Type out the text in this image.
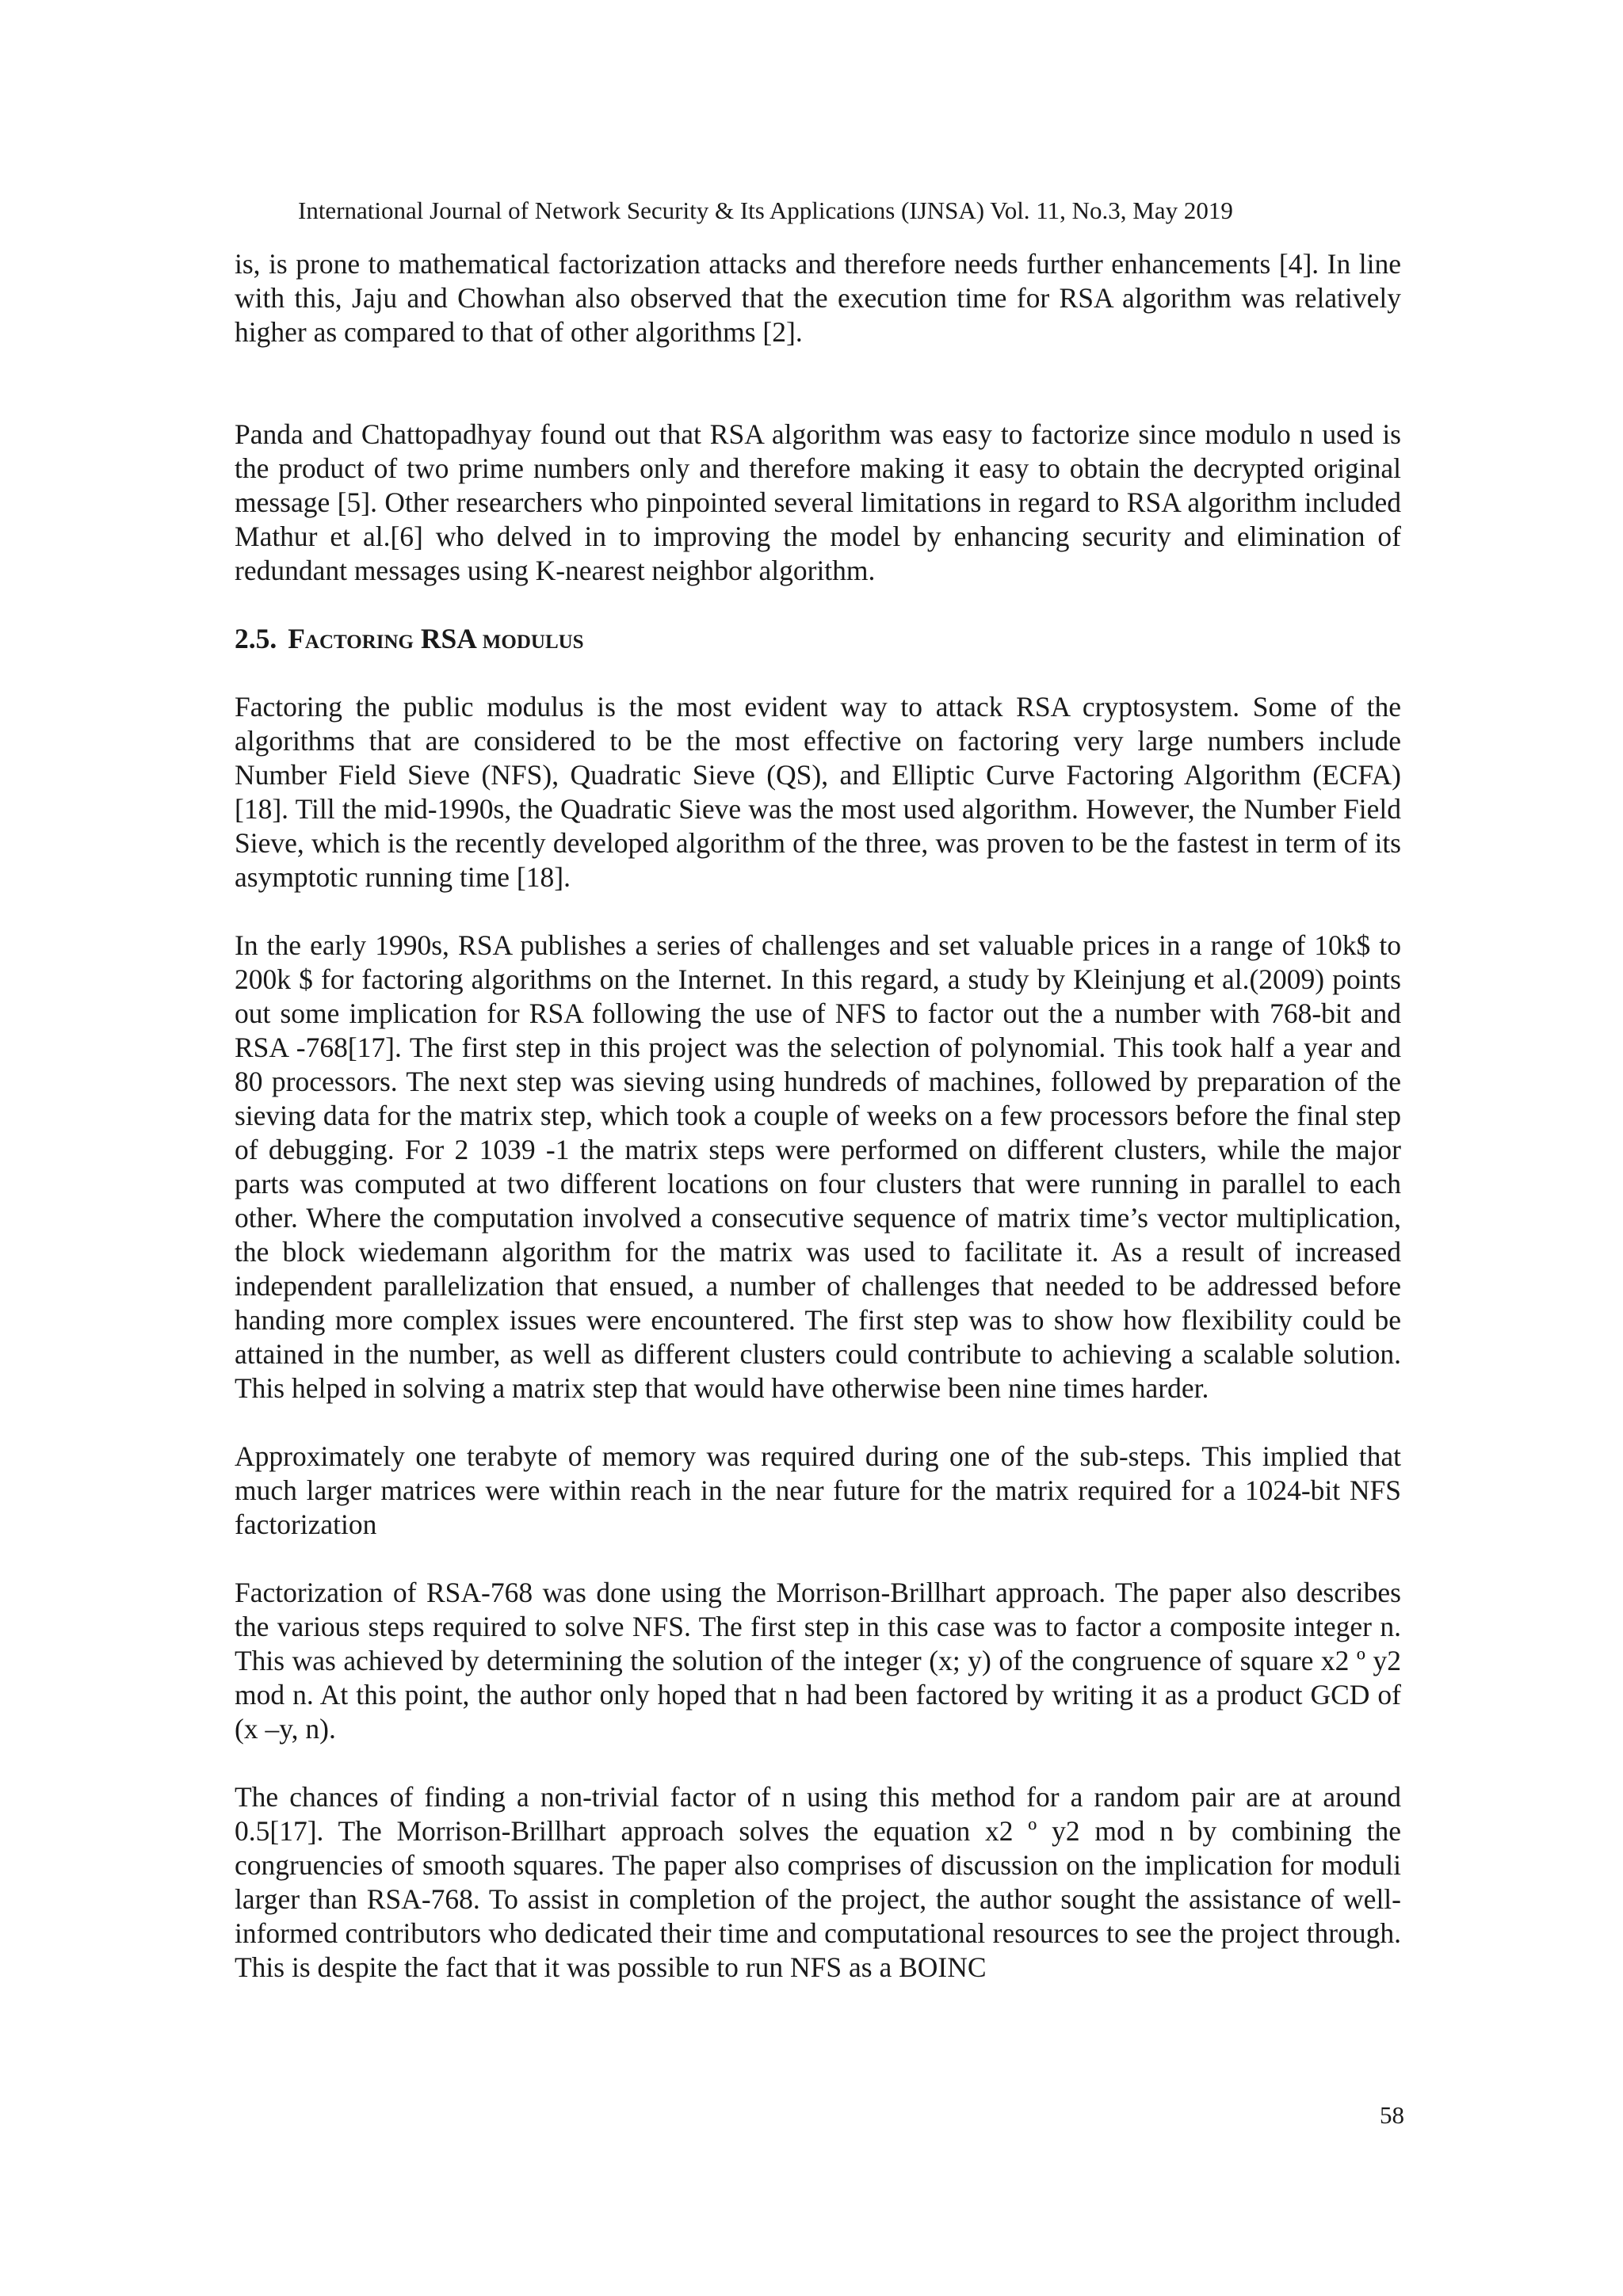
International Journal of Network Security & Its Applications (IJNSA) Vol. 11, No.3, May 2019

is, is prone to mathematical factorization attacks and therefore needs further enhancements [4]. In line with this, Jaju and Chowhan also observed that the execution time for RSA algorithm was relatively higher as compared to that of other algorithms [2].

Panda and Chattopadhyay found out that RSA algorithm was easy to factorize since modulo n used is the product of two prime numbers only and therefore making it easy to obtain the decrypted original message [5]. Other researchers who pinpointed several limitations in regard to RSA algorithm included Mathur et al.[6] who delved in to improving the model by enhancing security and elimination of redundant messages using K-nearest neighbor algorithm.

2.5. Factoring RSA modulus

Factoring the public modulus is the most evident way to attack RSA cryptosystem. Some of the algorithms that are considered to be the most effective on factoring very large numbers include Number Field Sieve (NFS), Quadratic Sieve (QS), and Elliptic Curve Factoring Algorithm (ECFA) [18]. Till the mid-1990s, the Quadratic Sieve was the most used algorithm. However, the Number Field Sieve, which is the recently developed algorithm of the three, was proven to be the fastest in term of its asymptotic running time [18].

In the early 1990s, RSA publishes a series of challenges and set valuable prices in a range of 10k$ to 200k $ for factoring algorithms on the Internet. In this regard, a study by Kleinjung et al.(2009) points out some implication for RSA following the use of NFS to factor out the a number with 768-bit and RSA -768[17]. The first step in this project was the selection of polynomial. This took half a year and 80 processors. The next step was sieving using hundreds of machines, followed by preparation of the sieving data for the matrix step, which took a couple of weeks on a few processors before the final step of debugging. For 2 1039 -1 the matrix steps were performed on different clusters, while the major parts was computed at two different locations on four clusters that were running in parallel to each other. Where the computation involved a consecutive sequence of matrix time’s vector multiplication, the block wiedemann algorithm for the matrix was used to facilitate it. As a result of increased independent parallelization that ensued, a number of challenges that needed to be addressed before handing more complex issues were encountered. The first step was to show how flexibility could be attained in the number, as well as different clusters could contribute to achieving a scalable solution. This helped in solving a matrix step that would have otherwise been nine times harder.

Approximately one terabyte of memory was required during one of the sub-steps. This implied that much larger matrices were within reach in the near future for the matrix required for a 1024-bit NFS factorization

Factorization of RSA-768 was done using the Morrison-Brillhart approach. The paper also describes the various steps required to solve NFS. The first step in this case was to factor a composite integer n. This was achieved by determining the solution of the integer (x; y) of the congruence of square x2 º y2 mod n. At this point, the author only hoped that n had been factored by writing it as a product GCD of (x –y, n).

The chances of finding a non-trivial factor of n using this method for a random pair are at around 0.5[17]. The Morrison-Brillhart approach solves the equation x2 º y2 mod n by combining the congruencies of smooth squares. The paper also comprises of discussion on the implication for moduli larger than RSA-768. To assist in completion of the project, the author sought the assistance of well-informed contributors who dedicated their time and computational resources to see the project through. This is despite the fact that it was possible to run NFS as a BOINC

58
